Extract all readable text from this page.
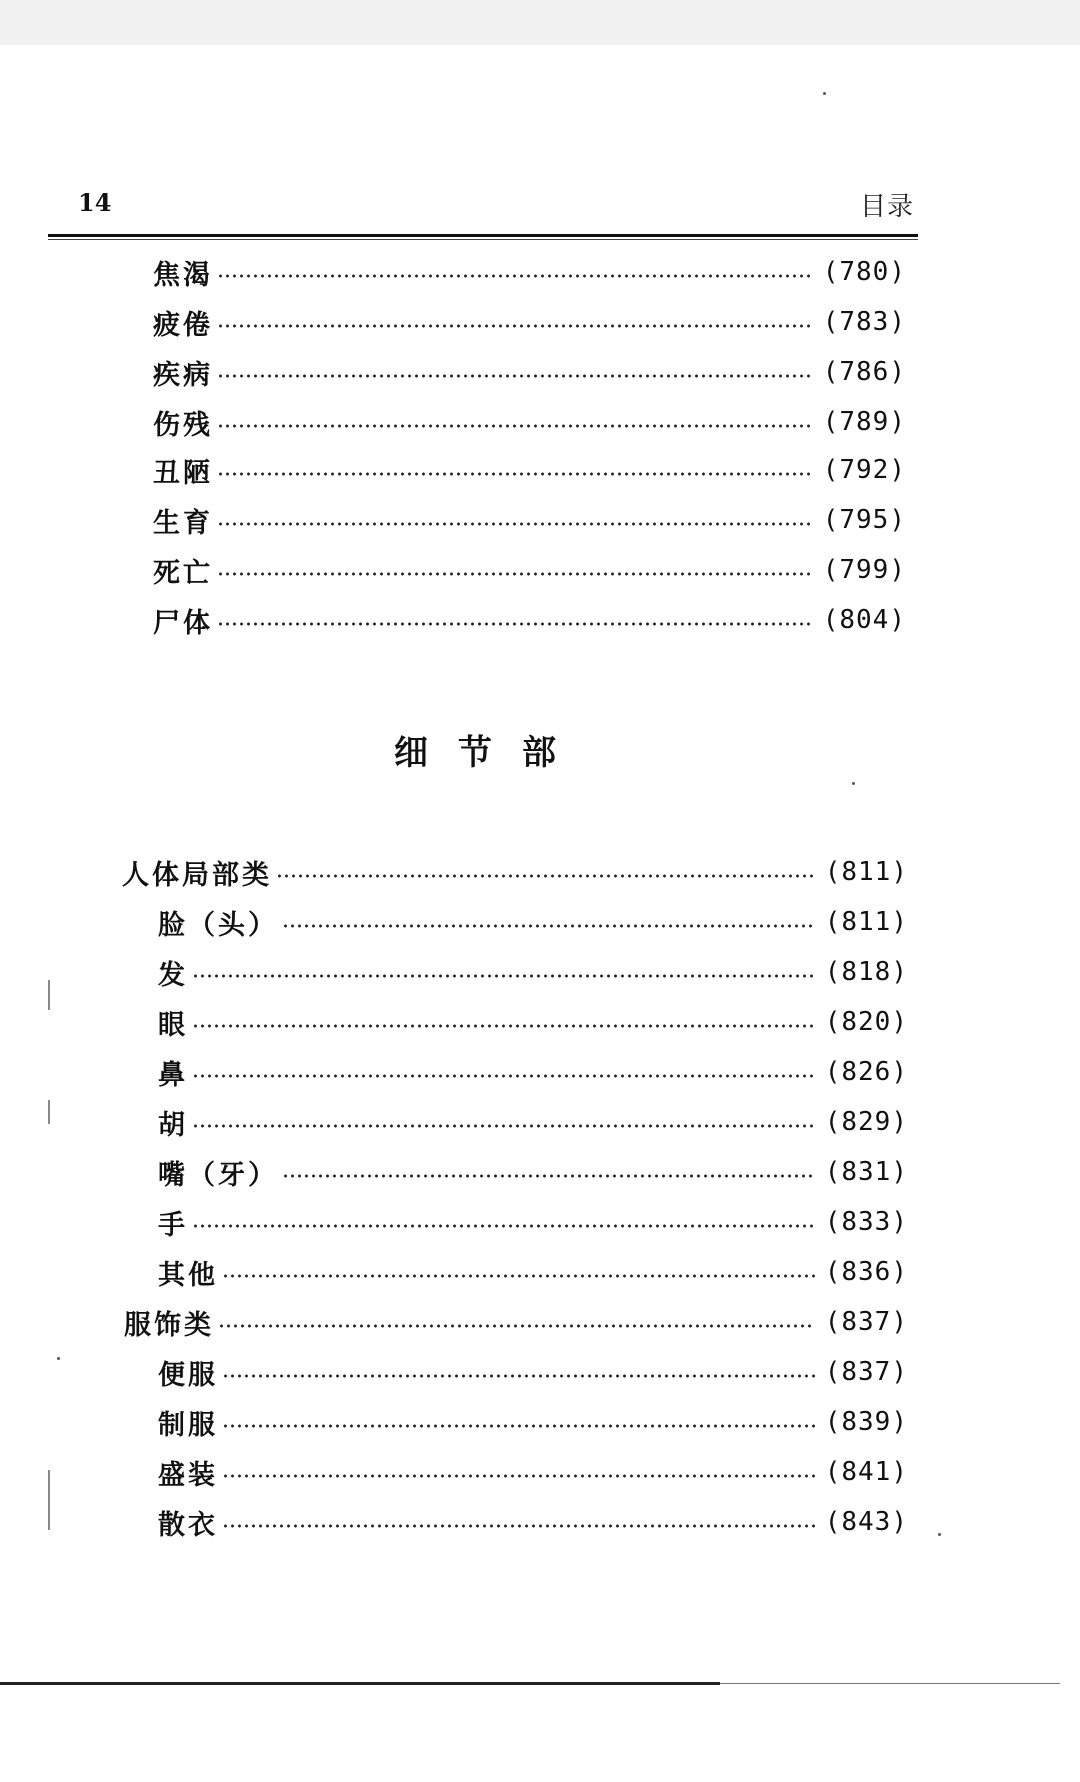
14	目录
焦渴	(780)
疲倦	(783)
疾病	(786)
伤残	(789)
丑陋	(792)
生育	(795)
死亡	(799)
尸体	(804)
细节部
人体局部类	(811)
脸（头）	(811)
发	(818)
眼	(820)
鼻	(826)
胡	(829)
嘴（牙）	(831)
手	(833)
其他	(836)
服饰类	(837)
便服	(837)
制服	(839)
盛装	(841)
散衣	(843)
